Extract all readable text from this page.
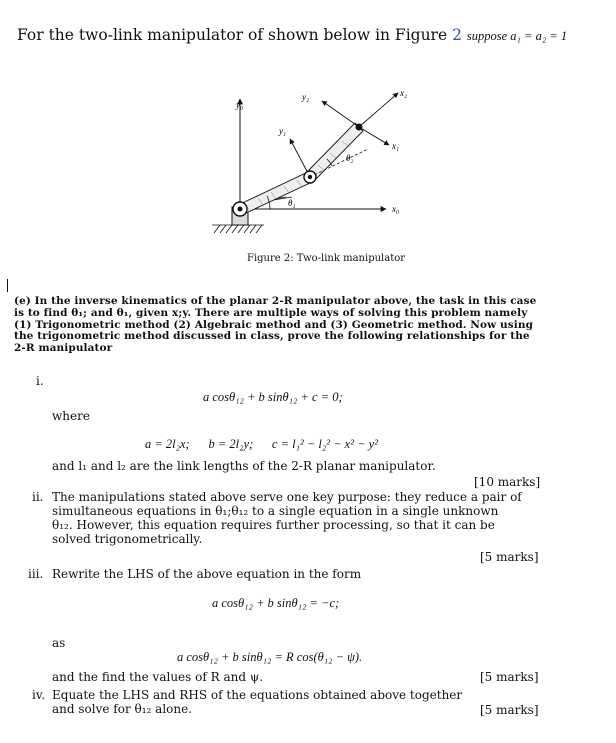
For the two-link manipulator of shown below in Figure 2 suppose a₁ = a₂ = 1
y₀
x₀
y₁
x₁
y₂	x₂
θ₁
θ₂
Figure 2: Two-link manipulator
(e) In the inverse kinematics of the planar 2-R manipulator above, the task in this case is to find θ₁; and θ₁, given x;y. There are multiple ways of solving this problem namely (1) Trigonometric method (2) Algebraic method and (3) Geometric method. Now using the trigonometric method discussed in class, prove the following relationships for the 2-R manipulator
i.
a cosθ₁₂ + b sinθ₁₂ + c = 0;
where
a = 2l₂x;      b = 2l₂y;      c = l₁² − l₂² − x² − y²
and l₁ and l₂ are the link lengths of the 2-R planar manipulator.
[10 marks]
ii. The manipulations stated above serve one key purpose: they reduce a pair of simultaneous equations in θ₁;θ₁₂ to a single equation in a single unknown θ₁₂. However, this equation requires further processing, so that it can be solved trigonometrically.
[5 marks]
iii. Rewrite the LHS of the above equation in the form
a cosθ₁₂ + b sinθ₁₂ = −c;
as
a cosθ₁₂ + b sinθ₁₂ = R cos(θ₁₂ − ψ).
and the find the values of R and ψ.	[5 marks]
iv. Equate the LHS and RHS of the equations obtained above together and solve for θ₁₂ alone.	[5 marks]
